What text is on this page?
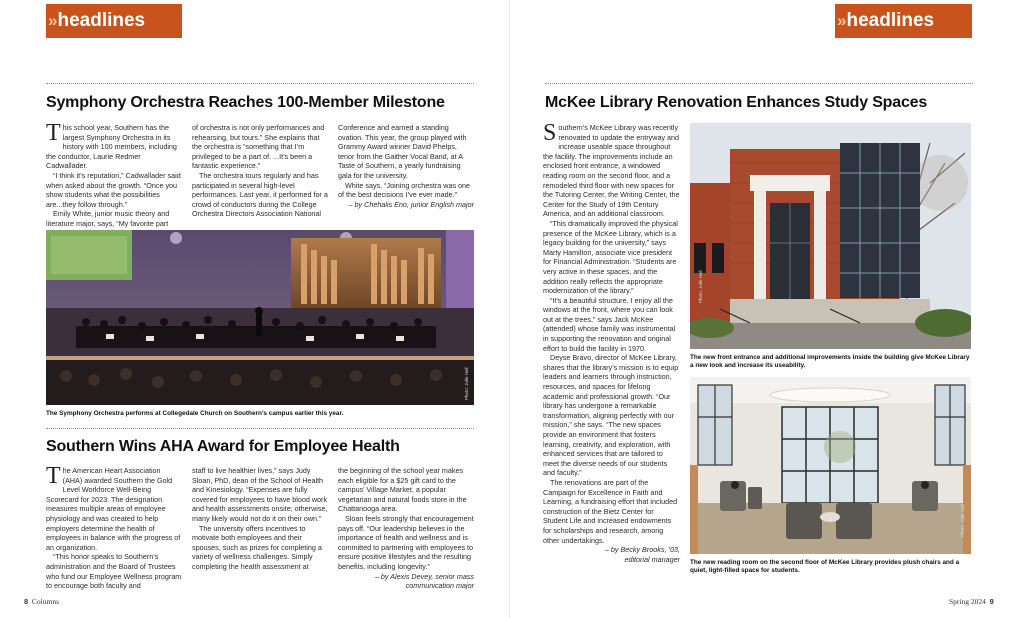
»headlines	»headlines
Symphony Orchestra Reaches 100-Member Milestone

This school year, Southern has the largest Symphony Orchestra in its history with 100 members, including the conductor, Laurie Redmer Cadwallader.

“I think it’s reputation,” Cadwallader said when asked about the growth. “Once you show students what the possibilities are...they follow through.”

Emily White, junior music theory and literature major, says, “My favorite part

of orchestra is not only performances and rehearsing, but tours.” She explains that the orchestra is “something that I’m privileged to be a part of. ...It’s been a fantastic experience.”

The orchestra tours regularly and has participated in several high-level performances. Last year, it performed for a crowd of conductors during the College Orchestra Directors Association National

Conference and earned a standing ovation. This year, the group played with Grammy Award winner David Phelps, tenor from the Gaither Vocal Band, at A Taste of Southern, a yearly fundraising gala for the university.

White says, “Joining orchestra was one of the best decisions I’ve ever made.”

– by Chehalis Eno, junior English major

Photo: Julie Hall
The Symphony Orchestra performs at Collegedale Church on Southern’s campus earlier this year.
Southern Wins AHA Award for Employee Health

The American Heart Association (AHA) awarded Southern the Gold Level Workforce Well-Being Scorecard for 2023. The designation measures multiple areas of employee physiology and was created to help employers determine the health of employees in balance with the progress of an organization.

“This honor speaks to Southern’s administration and the Board of Trustees who fund our Employee Wellness program to encourage both faculty and

staff to live healthier lives,” says Judy Sloan, PhD, dean of the School of Health and Kinesiology. “Expenses are fully covered for employees to have blood work and health assessments onsite; otherwise, many likely would not do it on their own.”

The university offers incentives to motivate both employees and their spouses, such as prizes for completing a variety of wellness challenges. Simply completing the health assessment at

the beginning of the school year makes each eligible for a $25 gift card to the campus’ Village Market, a popular vegetarian and natural foods store in the Chattanooga area.

Sloan feels strongly that encouragement pays off. “Our leadership believes in the importance of health and wellness and is committed to partnering with employees to ensure positive lifestyles and the resulting benefits, including longevity.”

– by Alexis Devey, senior mass

communication major

McKee Library Renovation Enhances Study Spaces

Southern’s McKee Library was recently renovated to update the entryway and increase useable space throughout the facility. The improvements include an enclosed front entrance, a windowed reading room on the second floor, and a remodeled third floor with new spaces for the Tutoring Center, the Writing Center, the Center for the Study of 19th Century America, and an additional classroom.

“This dramatically improved the physical presence of the McKee Library, which is a legacy building for the university,” says Marty Hamilton, associate vice president for Financial Administration. “Students are very active in these spaces, and the addition really reflects the appropriate modernization of the library.”

“It’s a beautiful structure. I enjoy all the windows at the front, where you can look out at the trees,” says Jack McKee (attended) whose family was instrumental in supporting the renovation and original effort to build the facility in 1970.

Deyse Bravo, director of McKee Library, shares that the library’s mission is to equip leaders and learners through instruction, resources, and spaces for lifelong academic and professional growth. “Our library has undergone a remarkable transformation, aligning perfectly with our mission,” she says. “The new spaces provide an environment that fosters learning, creativity, and exploration, with enhanced services that are tailored to meet the diverse needs of our students and faculty.”

The renovations are part of the Campaign for Excellence in Faith and Learning, a fundraising effort that included construction of the Bietz Center for Student Life and increased endowments for scholarships and research, among other undertakings.

– by Becky Brooks, ’03,

editorial manager

Photo: Julie Hall
The new front entrance and additional improvements inside the building give McKee Library a new look and increase its useability.
Photo: Julie Hall
The new reading room on the second floor of McKee Library provides plush chairs and a quiet, light-filled space for students.
8 Columns	Spring 2024 9
